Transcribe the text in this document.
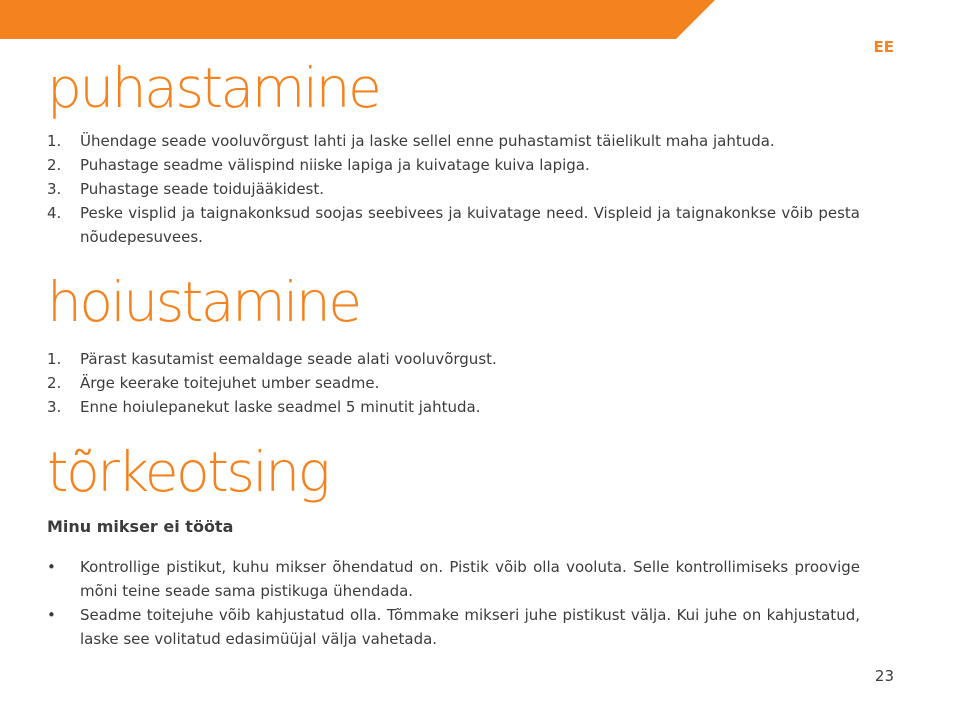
EE
puhastamine
1. Ühendage seade vooluvõrgust lahti ja laske sellel enne puhastamist täielikult maha jahtuda.
2. Puhastage seadme välispind niiske lapiga ja kuivatage kuiva lapiga.
3. Puhastage seade toidujääkidest.
4. Peske visplid ja taignakonksud soojas seebivees ja kuivatage need. Vispleid ja taignakonkse võib pesta nõudepesuvees.
hoiustamine
1. Pärast kasutamist eemaldage seade alati vooluvõrgust.
2. Ärge keerake toitejuhet umber seadme.
3. Enne hoiulepanekut laske seadmel 5 minutit jahtuda.
tõrkeotsing
Minu mikser ei tööta
• Kontrollige pistikut, kuhu mikser õhendatud on. Pistik võib olla vooluta. Selle kontrollimiseks proovige mõni teine seade sama pistikuga ühendada.
• Seadme toitejuhe võib kahjustatud olla. Tõmmake mikseri juhe pistikust välja. Kui juhe on kahjustatud, laske see volitatud edasimüüjal välja vahetada.
23
